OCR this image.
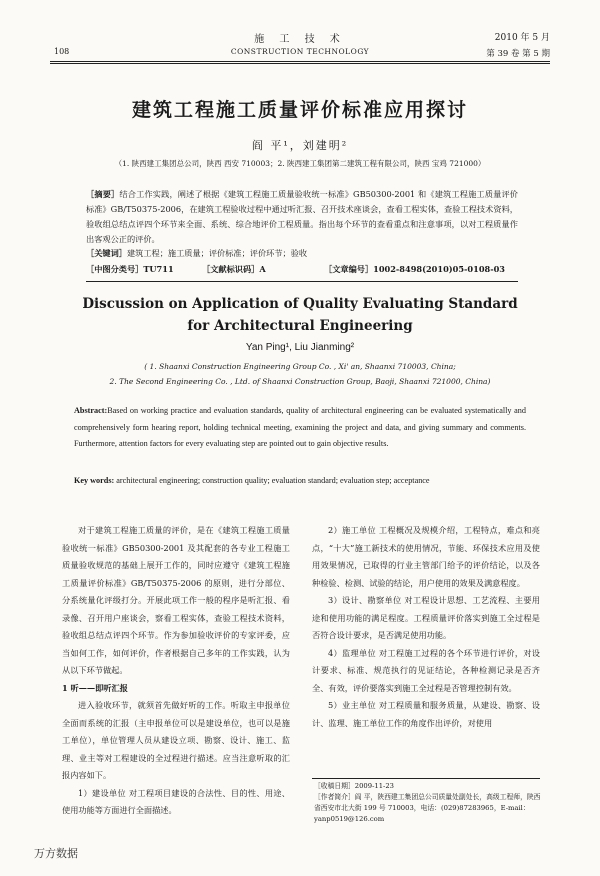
108
施 工 技 术
CONSTRUCTION TECHNOLOGY
2010 年 5 月
第 39 卷 第 5 期
建筑工程施工质量评价标准应用探讨
阎 平¹，刘建明²
（1. 陕西建工集团总公司，陕西 西安 710003；2. 陕西建工集团第二建筑工程有限公司，陕西 宝鸡 721000）
［摘要］结合工作实践，阐述了根据《建筑工程施工质量验收统一标准》GB50300-2001 和《建筑工程施工质量评价标准》GB/T50375-2006，在建筑工程验收过程中通过听汇报、召开技术座谈会，查看工程实体，查验工程技术资料，验收组总结点评四个环节来全面、系统、综合地评价工程质量。指出每个环节的查看重点和注意事项，以对工程质量作出客观公正的评价。
［关键词］建筑工程；施工质量；评价标准；评价环节；验收
［中图分类号］TU711	［文献标识码］A	［文章编号］1002-8498(2010)05-0108-03
Discussion on Application of Quality Evaluating Standard
for Architectural Engineering
Yan Ping¹, Liu Jianming²
( 1. Shaanxi Construction Engineering Group Co. , Xi' an, Shaanxi 710003, China;
2. The Second Engineering Co. , Ltd. of Shaanxi Construction Group, Baoji, Shaanxi 721000, China)
Abstract:Based on working practice and evaluation standards, quality of architectural engineering can be evaluated systematically and comprehensively form hearing report, holding technical meeting, examining the project and data, and giving summary and comments. Furthermore, attention factors for every evaluating step are pointed out to gain objective results.
Key words: architectural engineering; construction quality; evaluation standard; evaluation step; acceptance

对于建筑工程施工质量的评价，是在《建筑工程施工质量验收统一标准》GB50300-2001 及其配套的各专业工程施工质量验收规范的基础上展开工作的，同时应遵守《建筑工程施工质量评价标准》GB/T50375-2006 的原则，进行分部位、分系统量化评级打分。开展此项工作一般的程序是听汇报、看录像、召开用户座谈会，察看工程实体，查验工程技术资料，验收组总结点评四个环节。作为参加验收评价的专家评委，应当如何工作，如何评价，作者根据自己多年的工作实践，认为从以下环节做起。

1 听——即听汇报

进入验收环节，就须首先做好听的工作。听取主申报单位全面而系统的汇报（主申报单位可以是建设单位，也可以是施工单位），单位管理人员从建设立项、勘察、设计、施工、监理、业主等对工程建设的全过程进行描述。应当注意听取的汇报内容如下。

1）建设单位 对工程项目建设的合法性、目的性、用途、使用功能等方面进行全面描述。

2）施工单位 工程概况及规模介绍，工程特点，难点和亮点，“十大”施工新技术的使用情况，节能、环保技术应用及使用效果情况，已取得的行业主管部门给予的评价结论，以及各种检验、检测、试验的结论，用户使用的效果及满意程度。

3）设计、勘察单位 对工程设计思想、工艺流程、主要用途和使用功能的满足程度。工程质量评价落实到施工全过程是否符合设计要求，是否满足使用功能。

4）监理单位 对工程施工过程的各个环节进行评价，对设计要求、标准、规范执行的见证结论，各种检测记录是否齐全、有效，评价要落实到施工全过程是否管理控制有效。

5）业主单位 对工程质量和服务质量，从建设、勘察、设计、监理、施工单位工作的角度作出评价，对使用

［收稿日期］2009-11-23
［作者简介］阎 平，陕西建工集团总公司质量处副处长，高级工程师，陕西省西安市北大街 199 号 710003，电话：(029)87283965，E-mail：yanp0519@126.com
万方数据
